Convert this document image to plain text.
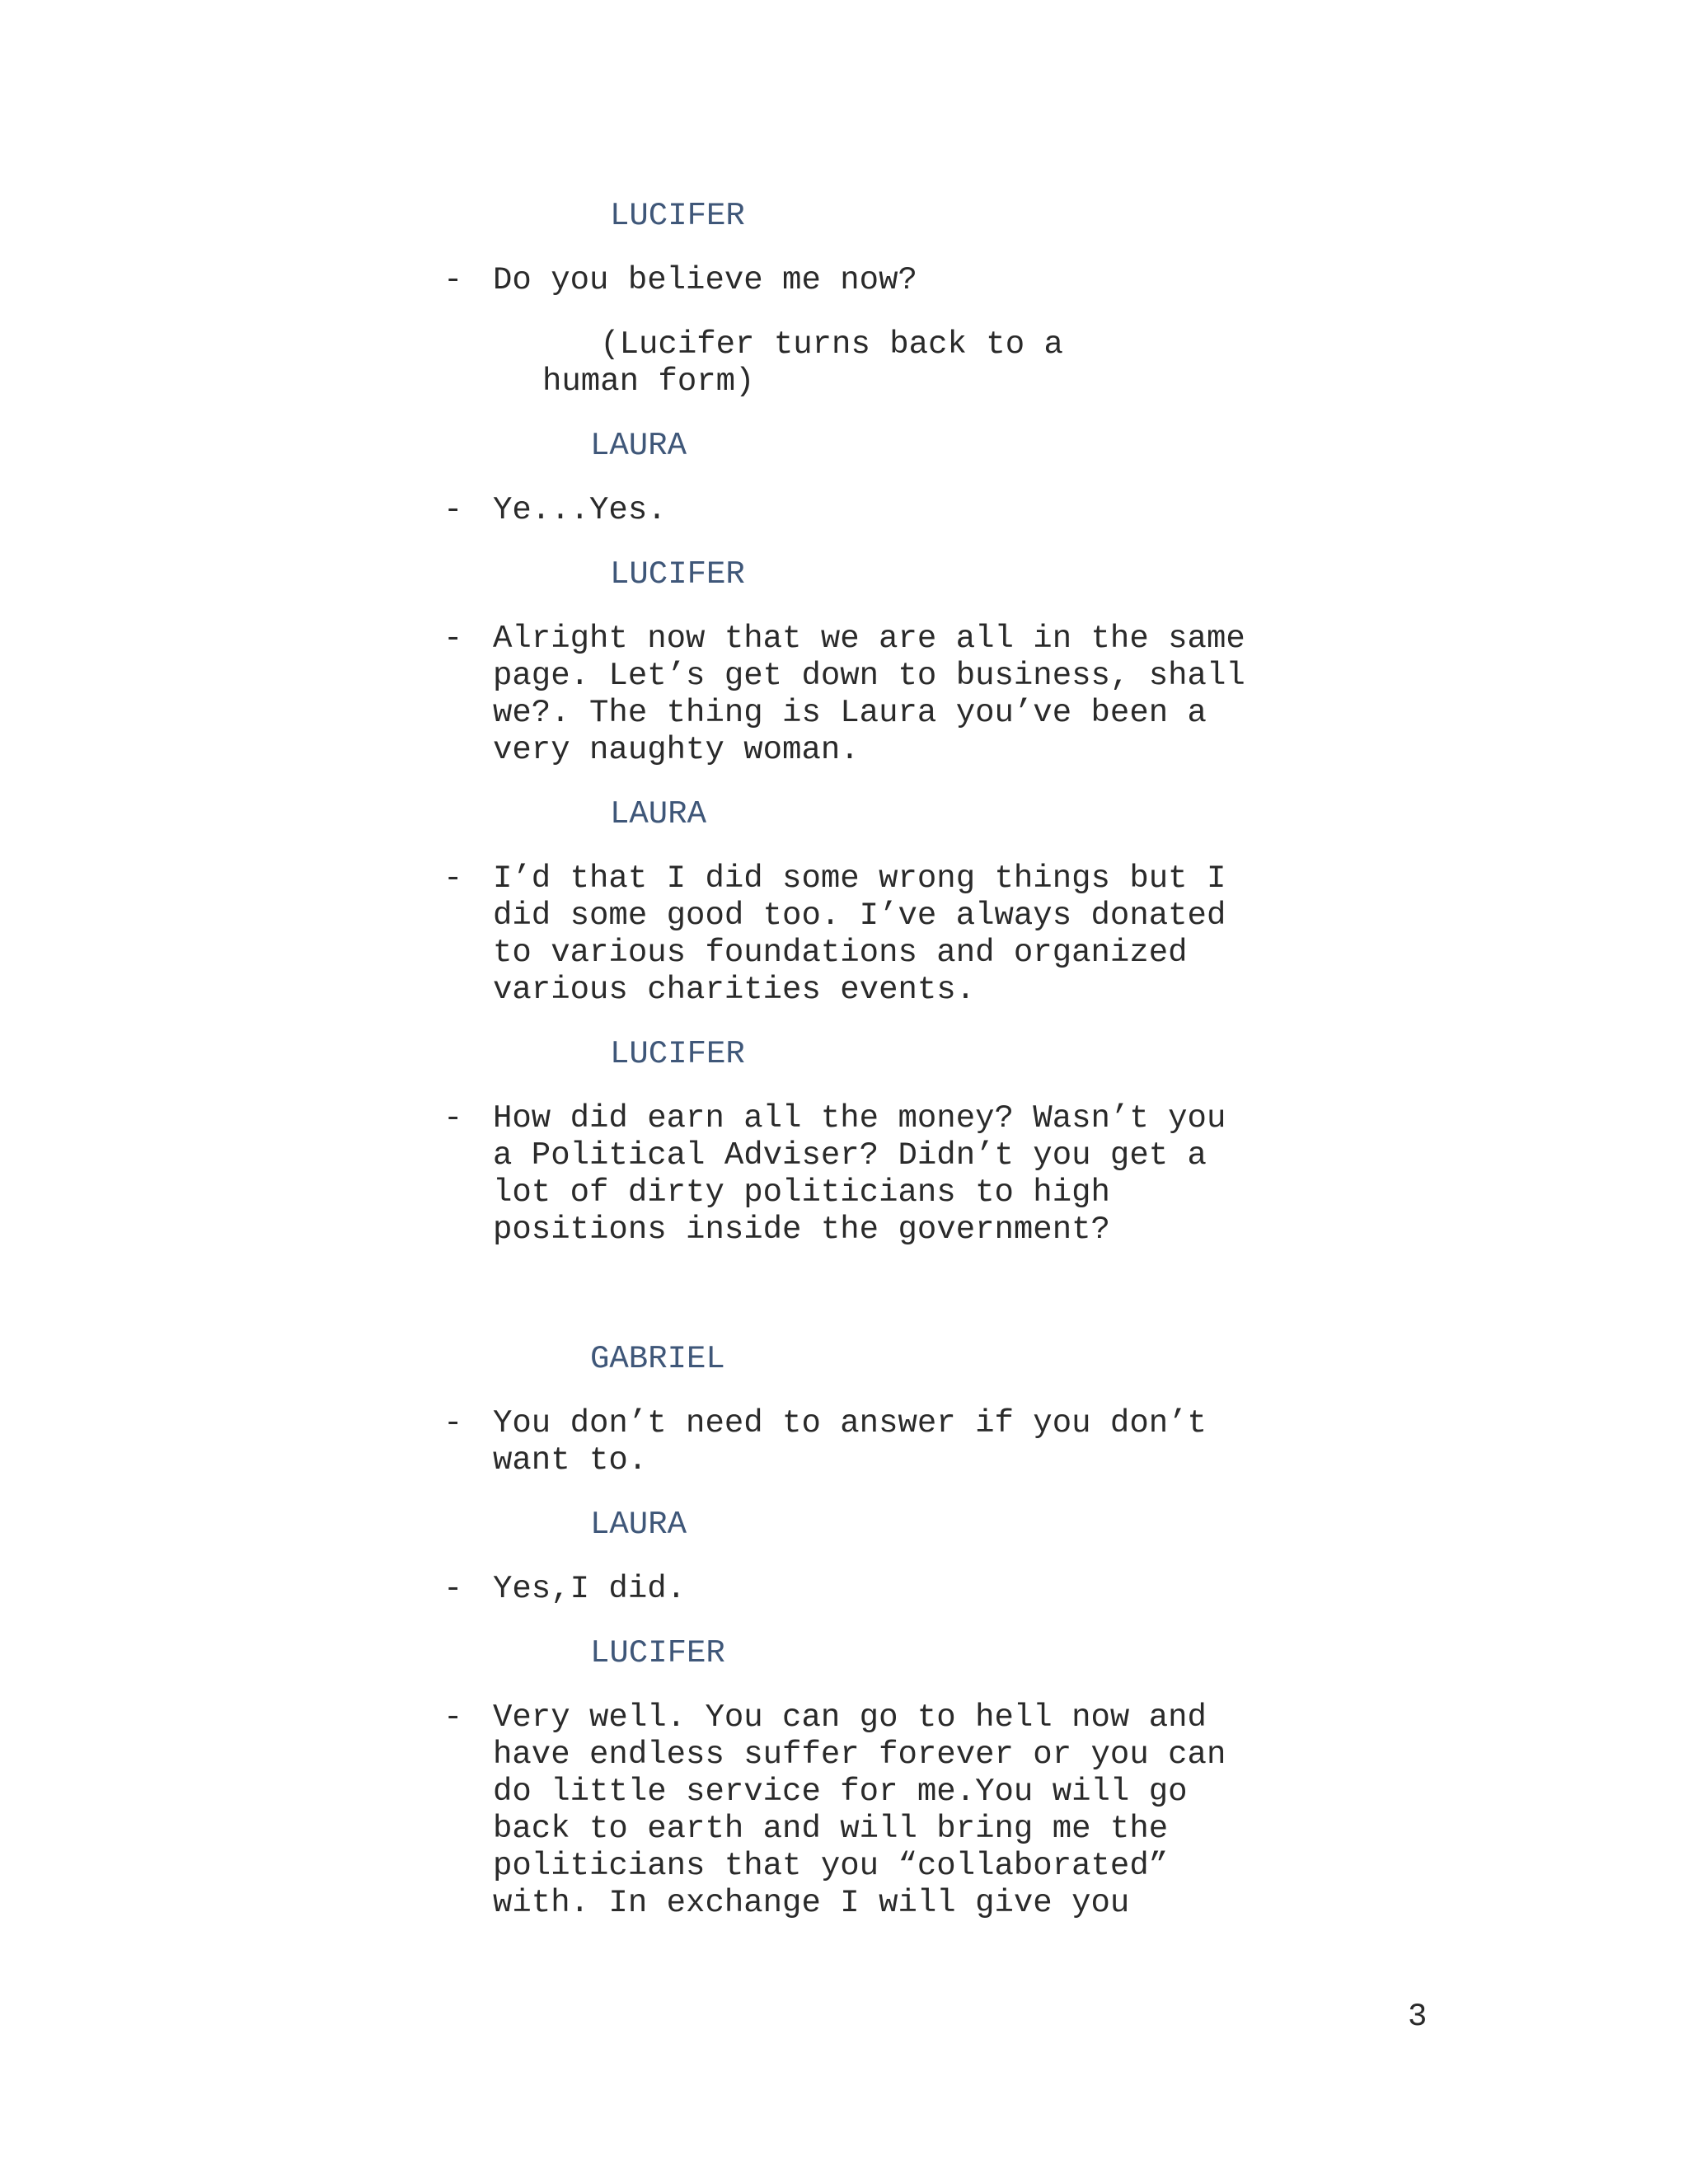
LUCIFER
- Do you believe me now?
(Lucifer turns back to a
human form)
LAURA
- Ye...Yes.
LUCIFER
- Alright now that we are all in the same
page. Let’s get down to business, shall
we?. The thing is Laura you’ve been a
very naughty woman.
LAURA
- I’d that I did some wrong things but I
did some good too. I’ve always donated
to various foundations and organized
various charities events.
LUCIFER
- How did earn all the money? Wasn’t you
a Political Adviser? Didn’t you get a
lot of dirty politicians to high
positions inside the government?
GABRIEL
- You don’t need to answer if you don’t
want to.
LAURA
- Yes,I did.
LUCIFER
- Very well. You can go to hell now and
have endless suffer forever or you can
do little service for me.You will go
back to earth and will bring me the
politicians that you “collaborated”
with. In exchange I will give you
3
